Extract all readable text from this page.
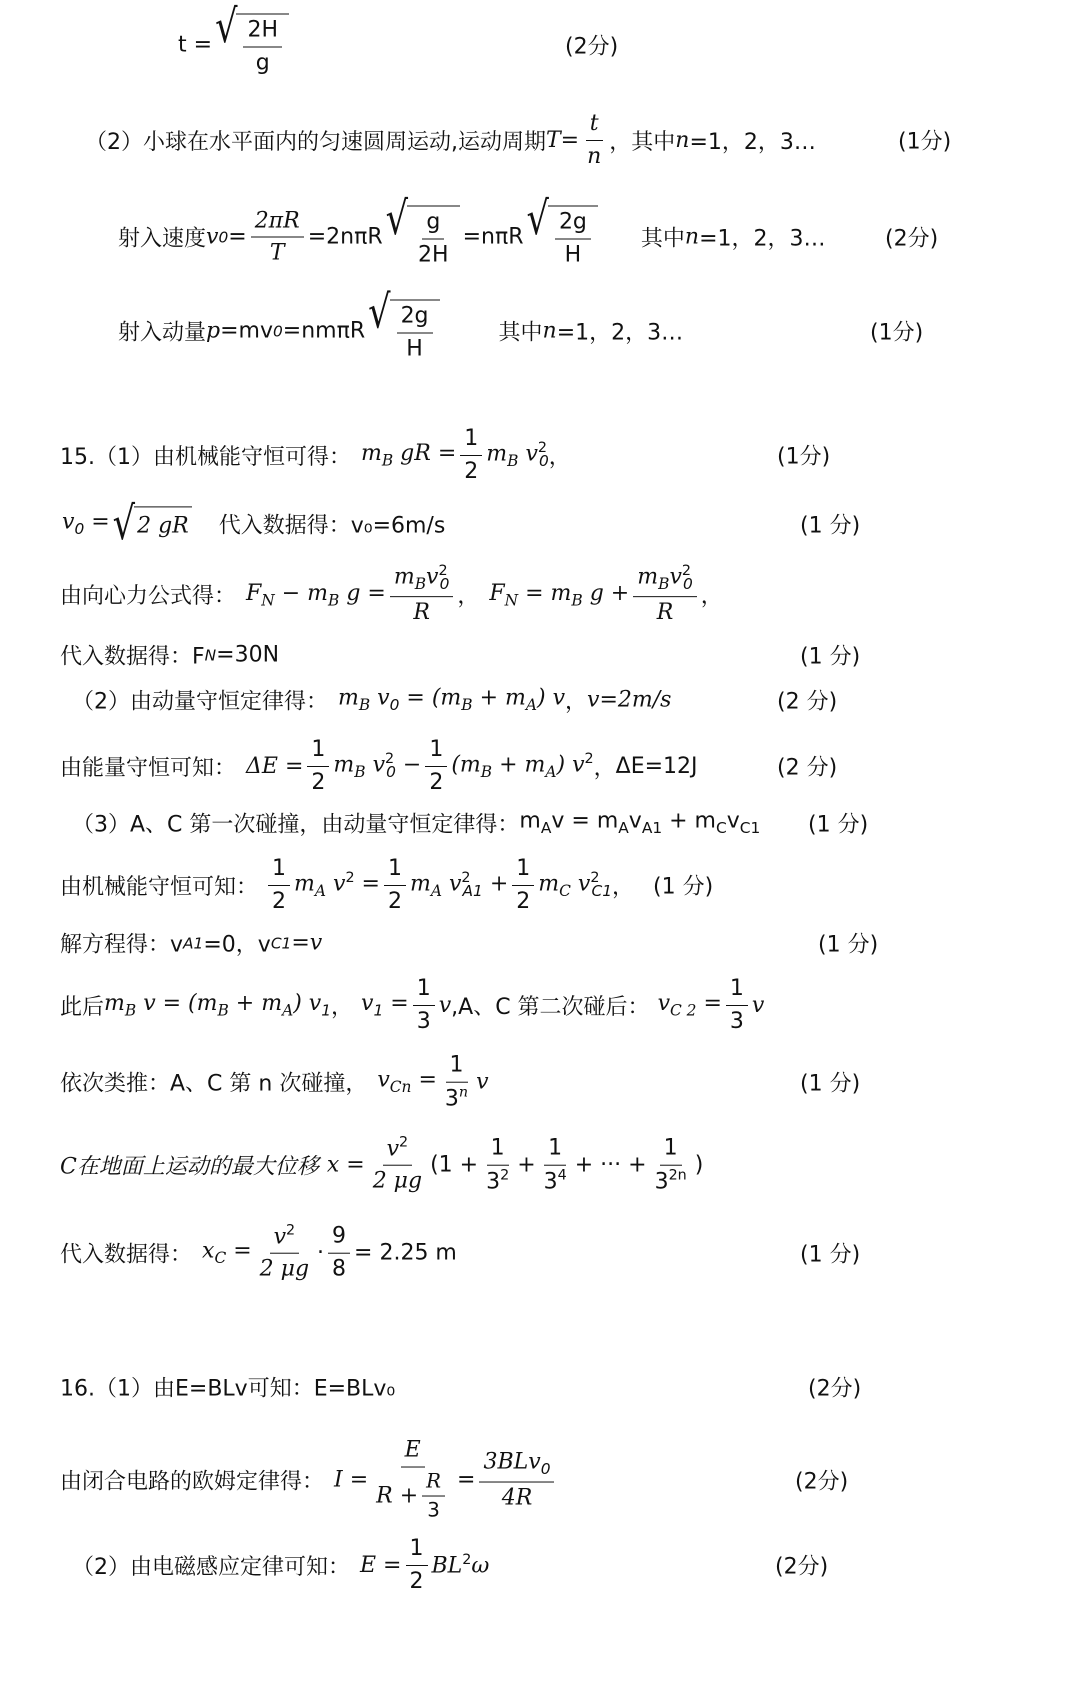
t = √ $\frac{2H}{g}$	(2分)
（2）小球在水平面内的匀速圆周运动,运动周期 $T= \frac{t}{n}$ ，其中 n =1，2，3…	(1分)
射入速度 v $0 = \frac{2\pi R}{T} =2n\pi R$ √ $\frac{g}{2H} =n\pi R$ √ $\frac{2g}{H}$ 其中 n =1，2，3…	(2分)
射入动量 p =mv 0 =nmπR √ $\frac{2g}{H}$	其中 n =1，2，3…	(1分)
15.（1）由机械能守恒可得： $m_B$ gR = $\frac{1}{2} m_B$ $v^2_0$ ，	(1分)
$v_0$ = √ 2 gR 代入数据得：v₀=6m/s	(1 分)
由向心力公式得： $F_N - m_B$ $g = \frac{m_Bv^2_0}{R}$ ， $F_N = m_B$ $g + \frac{m_Bv^2_0}{R}$ ，
代入数据得：F N =30N	(1 分)
（2）由动量守恒定律得： $m_B$ $v_0 = (m_B + m_A)$ v ， v=2m/s	(2 分)
由能量守恒可知： $\Delta E = \frac{1}{2} m_B$ $v^2_0 - \frac{1}{2} (m_B + m_A)$ $v^2$ ， ΔE=12J	(2 分)
（3）A、C 第一次碰撞，由动量守恒定律得： $m_Av = m_Av_{A1} + m_Cv_{C1}$ (1 分)
由机械能守恒可知： $\frac{1}{2} m_A$ $v^2 = \frac{1}{2} m_A$ $v^2_{A1} + \frac{1}{2} m_C$ $v^2_{C1}$ ， (1 分)
解方程得：v A1 =0，v C1 =v	(1 分)
此后 $m_B$ $v = (m_B + m_A)$ $v_1$ ， $v_1 = \frac{1}{3}$ v ,A、C 第二次碰后： $v_{C 2} = \frac{1}{3}$ v
依次类推：A、C 第 n 次碰撞， $v_{Cn} = \frac{1}{3^n}$ v	(1 分)
C在地面上运动的最大位移 $x = \frac{v^2}{2 \mu g} (1 + \frac{1}{3^2} + \frac{1}{3^4}$ + ··· + $\frac{1}{3^{2n}}$ )
代入数据得： $x_C = \frac{v^2}{2 \mu g} \cdot \frac{9}{8} = 2.25$ m	(1 分)
16.（1）由E=BLv可知：E=BLv₀	(2分)
由闭合电路的欧姆定律得： $I = \frac{E}{R + \frac{R}{3}} = \frac{3BLv_0}{4R}$	(2分)
（2）由电磁感应定律可知： $E = \frac{1}{2} BL^2\omega$	(2分)
